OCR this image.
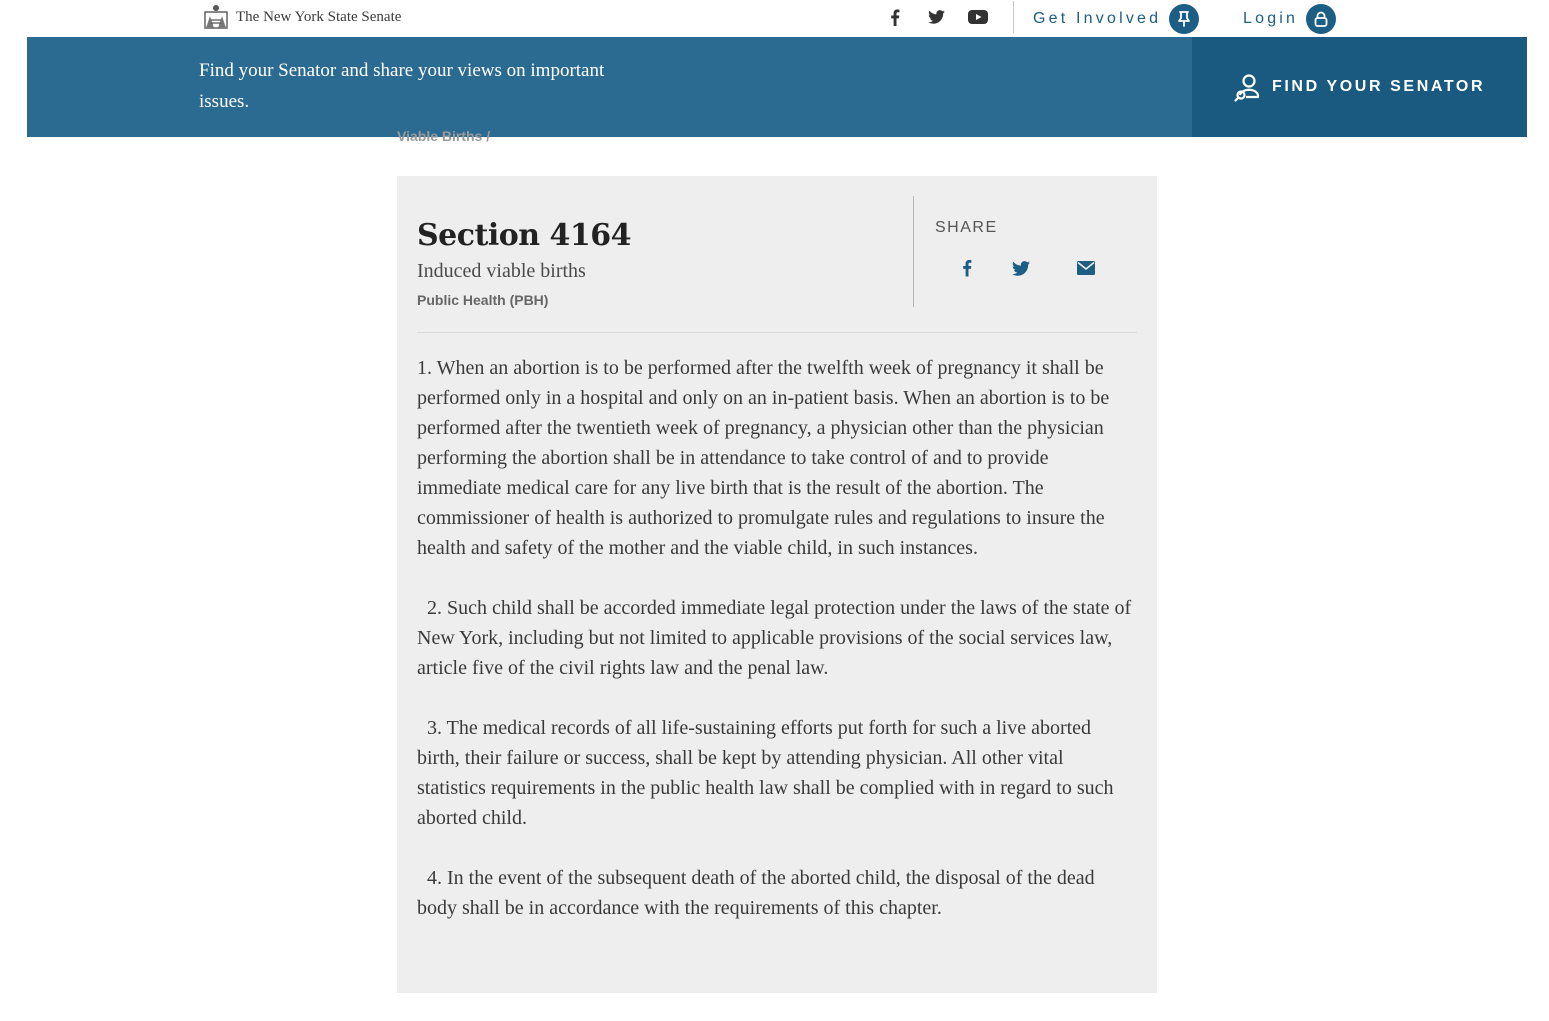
The New York State Senate	Get Involved	Login
Find your Senator and share your views on important issues.
FIND YOUR SENATOR
Viable Births /
Section 4164
Induced viable births
Public Health (PBH)
SHARE

1. When an abortion is to be performed after the twelfth week of pregnancy it shall be performed only in a hospital and only on an in-patient basis. When an abortion is to be performed after the twentieth week of pregnancy, a physician other than the physician performing the abortion shall be in attendance to take control of and to provide immediate medical care for any live birth that is the result of the abortion. The commissioner of health is authorized to promulgate rules and regulations to insure the health and safety of the mother and the viable child, in such instances.

2. Such child shall be accorded immediate legal protection under the laws of the state of New York, including but not limited to applicable provisions of the social services law, article five of the civil rights law and the penal law.

3. The medical records of all life-sustaining efforts put forth for such a live aborted birth, their failure or success, shall be kept by attending physician. All other vital statistics requirements in the public health law shall be complied with in regard to such aborted child.

4. In the event of the subsequent death of the aborted child, the disposal of the dead body shall be in accordance with the requirements of this chapter.
